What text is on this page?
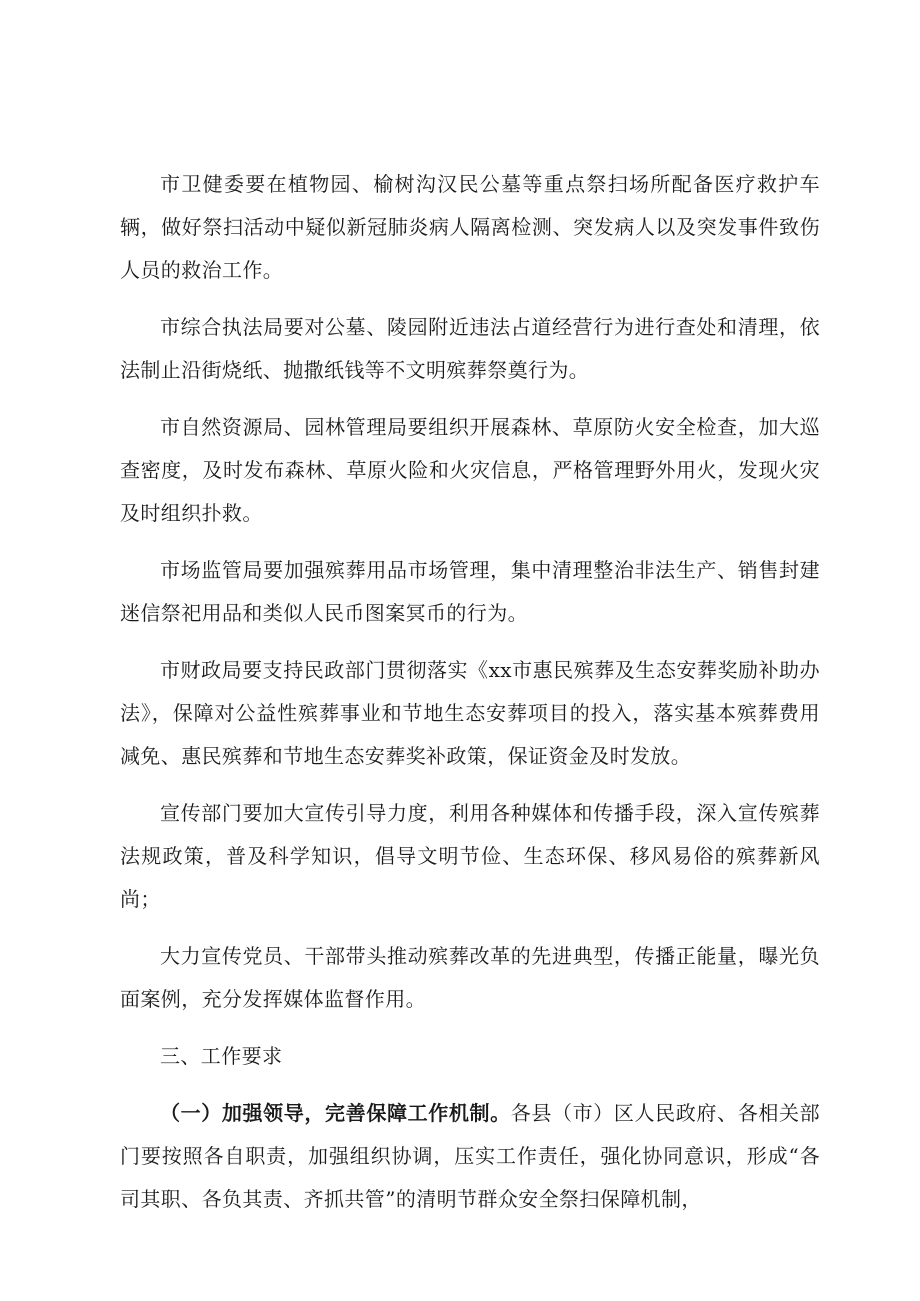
市卫健委要在植物园、榆树沟汉民公墓等重点祭扫场所配备医疗救护车辆，做好祭扫活动中疑似新冠肺炎病人隔离检测、突发病人以及突发事件致伤人员的救治工作。

市综合执法局要对公墓、陵园附近违法占道经营行为进行查处和清理，依法制止沿街烧纸、抛撒纸钱等不文明殡葬祭奠行为。

市自然资源局、园林管理局要组织开展森林、草原防火安全检查，加大巡查密度，及时发布森林、草原火险和火灾信息，严格管理野外用火，发现火灾及时组织扑救。

市场监管局要加强殡葬用品市场管理，集中清理整治非法生产、销售封建迷信祭祀用品和类似人民币图案冥币的行为。

市财政局要支持民政部门贯彻落实《xx市惠民殡葬及生态安葬奖励补助办法》，保障对公益性殡葬事业和节地生态安葬项目的投入，落实基本殡葬费用减免、惠民殡葬和节地生态安葬奖补政策，保证资金及时发放。

宣传部门要加大宣传引导力度，利用各种媒体和传播手段，深入宣传殡葬法规政策，普及科学知识，倡导文明节俭、生态环保、移风易俗的殡葬新风尚；

大力宣传党员、干部带头推动殡葬改革的先进典型，传播正能量，曝光负面案例，充分发挥媒体监督作用。

三、工作要求

（一）加强领导，完善保障工作机制。各县（市）区人民政府、各相关部门要按照各自职责，加强组织协调，压实工作责任，强化协同意识，形成“各司其职、各负其责、齐抓共管”的清明节群众安全祭扫保障机制，
